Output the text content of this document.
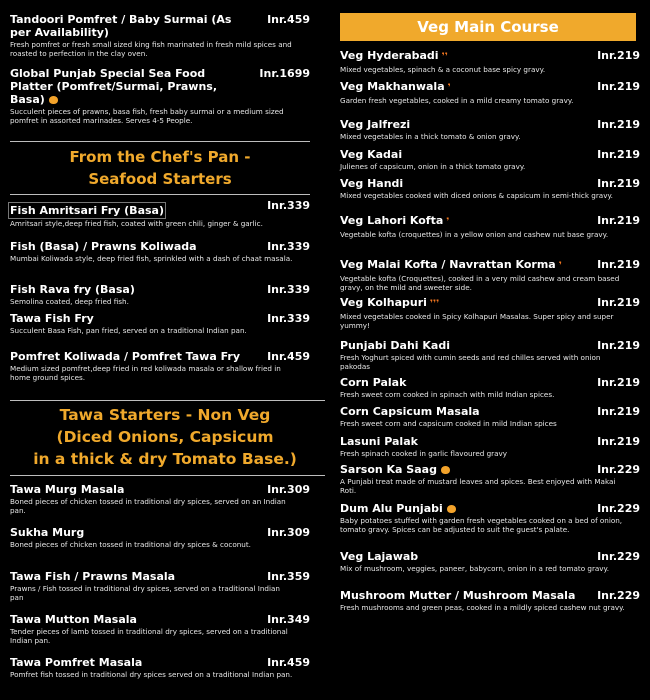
Tandoori Pomfret / Baby Surmai (As per Availability)
Inr.459
Fresh pomfret or fresh small sized king fish marinated in fresh mild spices and roasted to perfection in the clay oven.
Global Punjab Special Sea Food Platter (Pomfret/Surmai, Prawns, Basa)
Inr.1699
Succulent pieces of prawns, basa fish, fresh baby surmai or a medium sized pomfret in assorted marinades. Serves 4-5 People.
From the Chef's Pan -
Seafood Starters
Fish Amritsari Fry (Basa)	Inr.339
Amritsari style,deep fried fish, coated with green chili, ginger & garlic.
Fish (Basa) / Prawns Koliwada	Inr.339
Mumbai Koliwada style, deep fried fish, sprinkled with a dash of chaat masala.
Fish Rava fry (Basa)	Inr.339
Semolina coated, deep fried fish.
Tawa Fish Fry	Inr.339
Succulent Basa Fish, pan fried, served on a traditional Indian pan.
Pomfret Koliwada / Pomfret Tawa Fry	Inr.459
Medium sized pomfret,deep fried in red koliwada masala or shallow fried in home ground spices.
Tawa Starters - Non Veg
(Diced Onions, Capsicum
in a thick & dry Tomato Base.)
Tawa Murg Masala	Inr.309
Boned pieces of chicken tossed in traditional dry spices, served on an Indian pan.
Sukha Murg	Inr.309
Boned pieces of chicken tossed in traditional dry spices & coconut.
Tawa Fish / Prawns Masala	Inr.359
Prawns / Fish tossed in traditional dry spices, served on a traditional Indian pan
Tawa Mutton Masala	Inr.349
Tender pieces of lamb tossed in traditional dry spices, served on a traditional Indian pan.
Tawa Pomfret Masala	Inr.459
Pomfret fish tossed in traditional dry spices served on a traditional Indian pan.
Veg Main Course
Veg Hyderabadi ❜❜	Inr.219
Mixed vegetables, spinach & a coconut base spicy gravy.
Veg Makhanwala ❜	Inr.219
Garden fresh vegetables, cooked in a mild creamy tomato gravy.
Veg Jalfrezi	Inr.219
Mixed vegetables in a thick tomato & onion gravy.
Veg Kadai	Inr.219
Julienes of capsicum, onion in a thick tomato gravy.
Veg Handi	Inr.219
Mixed vegetables cooked with diced onions & capsicum in semi-thick gravy.
Veg Lahori Kofta ❜	Inr.219
Vegetable kofta (croquettes) in a yellow onion and cashew nut base gravy.
Veg Malai Kofta / Navrattan Korma ❜	Inr.219
Vegetable kofta (Croquettes), cooked in a very mild cashew and cream based gravy, on the mild and sweeter side.
Veg Kolhapuri ❜❜❜	Inr.219
Mixed vegetables cooked in Spicy Kolhapuri Masalas. Super spicy and super yummy!
Punjabi Dahi Kadi	Inr.219
Fresh Yoghurt spiced with cumin seeds and red chilles served with onion pakodas
Corn Palak	Inr.219
Fresh sweet corn cooked in spinach with mild Indian spices.
Corn Capsicum Masala	Inr.219
Fresh sweet corn and capsicum cooked in mild Indian spices
Lasuni Palak	Inr.219
Fresh spinach cooked in garlic flavoured gravy
Sarson Ka Saag	Inr.229
A Punjabi treat made of mustard leaves and spices. Best enjoyed with Makai Roti.
Dum Alu Punjabi	Inr.229
Baby potatoes stuffed with garden fresh vegetables cooked on a bed of onion, tomato gravy. Spices can be adjusted to suit the guest's palate.
Veg Lajawab	Inr.229
Mix of mushroom, veggies, paneer, babycorn, onion in a red tomato gravy.
Mushroom Mutter / Mushroom Masala	Inr.229
Fresh mushrooms and green peas, cooked in a mildly spiced cashew nut gravy.
